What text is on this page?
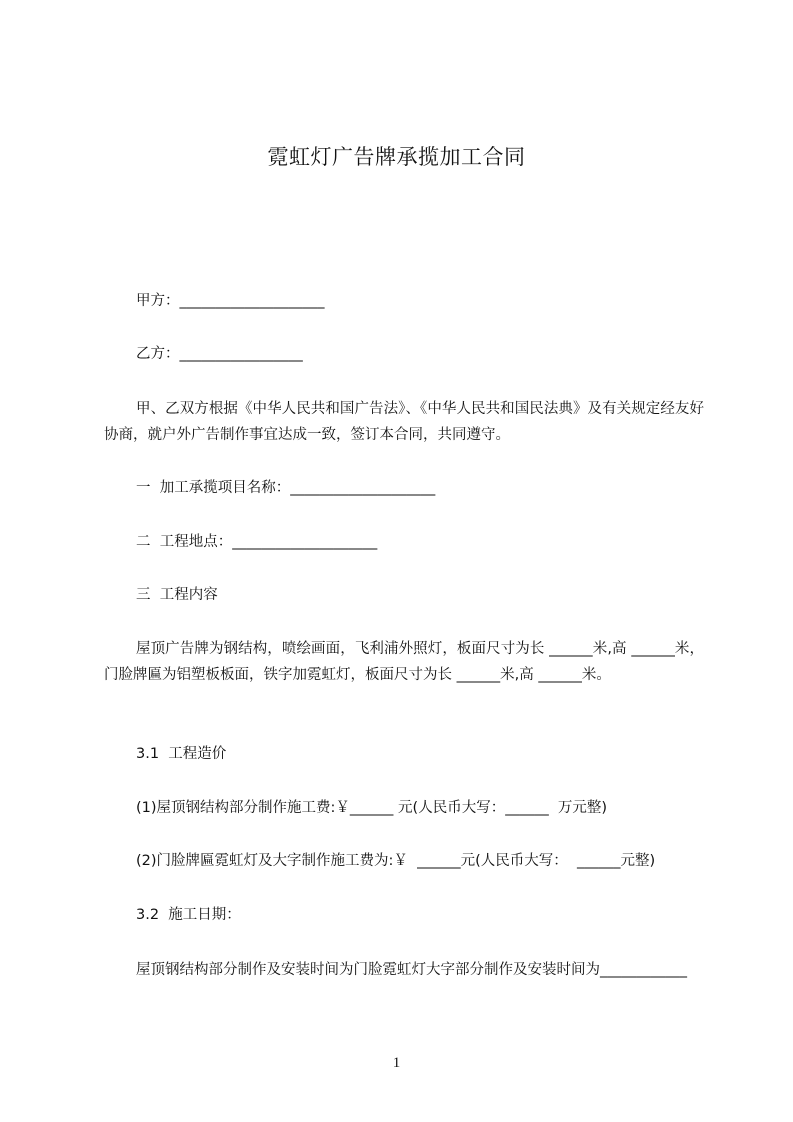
霓虹灯广告牌承揽加工合同
甲方：____________________
乙方：_________________
甲、乙双方根据《中华人民共和国广告法》、《中华人民共和国民法典》及有关规定经友好协商，就户外广告制作事宜达成一致，签订本合同，共同遵守。
一  加工承揽项目名称：____________________
二  工程地点：____________________
三  工程内容
屋顶广告牌为钢结构，喷绘画面，飞利浦外照灯，板面尺寸为长 ______米,高 ______米，门脸牌匾为铝塑板板面，铁字加霓虹灯，板面尺寸为长 ______米,高 ______米。
3.1  工程造价
(1)屋顶钢结构部分制作施工费:￥______ 元(人民币大写：______  万元整)
(2)门脸牌匾霓虹灯及大字制作施工费为:￥  ______元(人民币大写：  ______元整)
3.2  施工日期：
屋顶钢结构部分制作及安装时间为门脸霓虹灯大字部分制作及安装时间为____________
1
